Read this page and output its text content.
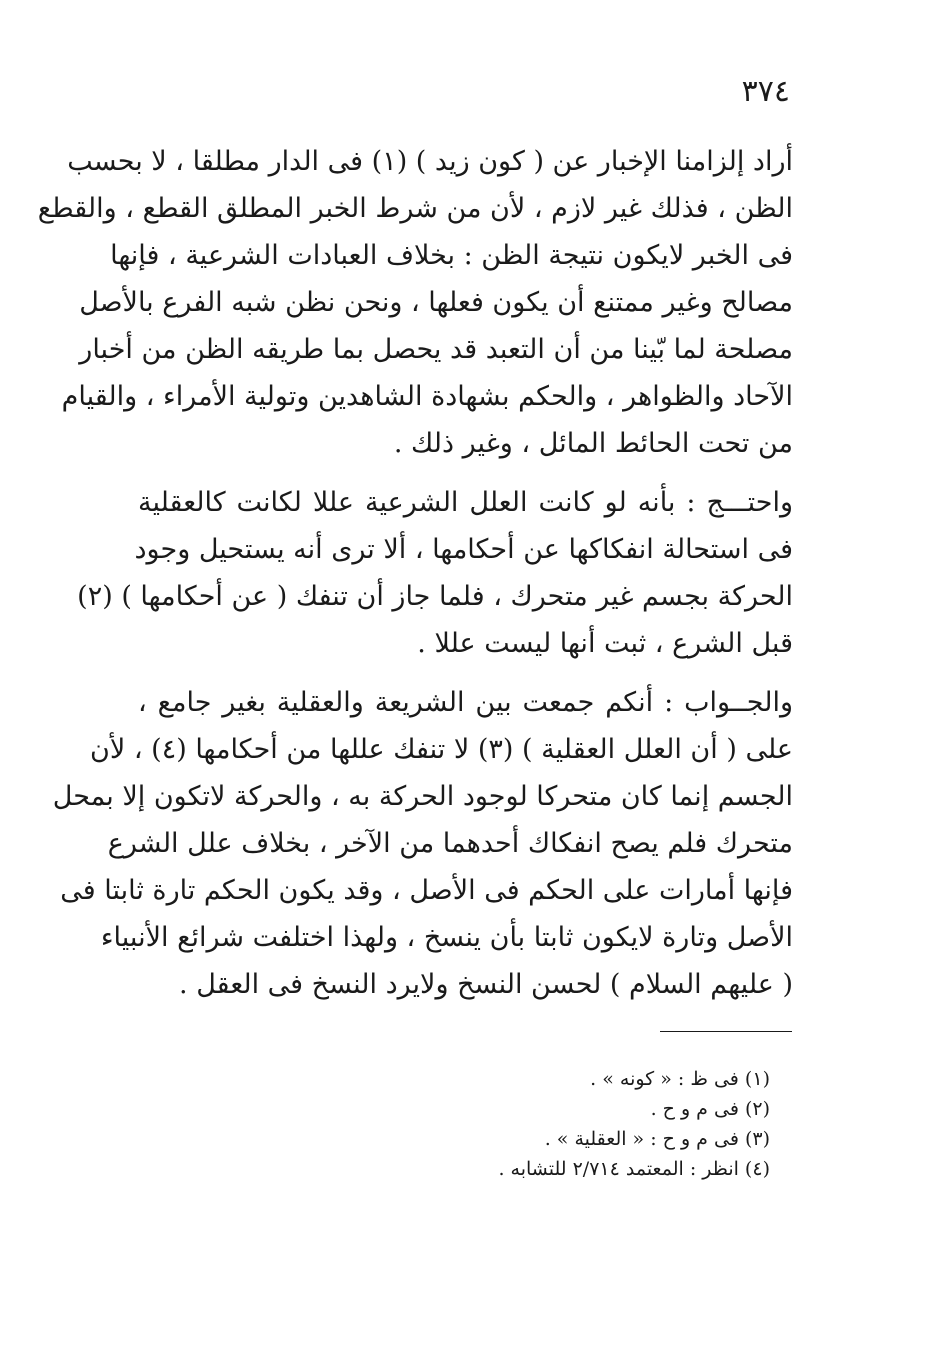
٣٧٤
أراد إلزامنا الإخبار عن ( كون زيد ) (١) فى الدار مطلقا ، لا بحسب
الظن ، فذلك غير لازم ، لأن من شرط الخبر المطلق القطع ، والقطع
فى الخبر لايكون نتيجة الظن : بخلاف العبادات الشرعية ، فإنها
مصالح وغير ممتنع أن يكون فعلها ، ونحن نظن شبه الفرع بالأصل
مصلحة لما بّينا من أن التعبد قد يحصل بما طريقه الظن من أخبار
الآحاد والظواهر ، والحكم بشهادة الشاهدين وتولية الأمراء ، والقيام
من تحت الحائط المائل ، وغير ذلك .
واحتـــج : بأنه لو كانت العلل الشرعية عللا لكانت كالعقلية
فى استحالة انفكاكها عن أحكامها ، ألا ترى أنه يستحيل وجود
الحركة بجسم غير متحرك ، فلما جاز أن تنفك ( عن أحكامها ) (٢)
قبل الشرع ، ثبت أنها ليست عللا .
والجــواب : أنكم جمعت بين الشريعة والعقلية بغير جامع ،
على ( أن العلل العقلية ) (٣) لا تنفك عللها من أحكامها (٤) ، لأن
الجسم إنما كان متحركا لوجود الحركة به ، والحركة لاتكون إلا بمحل
متحرك فلم يصح انفكاك أحدهما من الآخر ، بخلاف علل الشرع
فإنها أمارات على الحكم فى الأصل ، وقد يكون الحكم تارة ثابتا فى
الأصل وتارة لايكون ثابتا بأن ينسخ ، ولهذا اختلفت شرائع الأنبياء
( عليهم السلام ) لحسن النسخ ولايرد النسخ فى العقل .
(١) فى ظ : « كونه » .
(٢) فى م و ح .
(٣) فى م و ح : « العقلية » .
(٤) انظر : المعتمد ٢/٧١٤ للتشابه .
